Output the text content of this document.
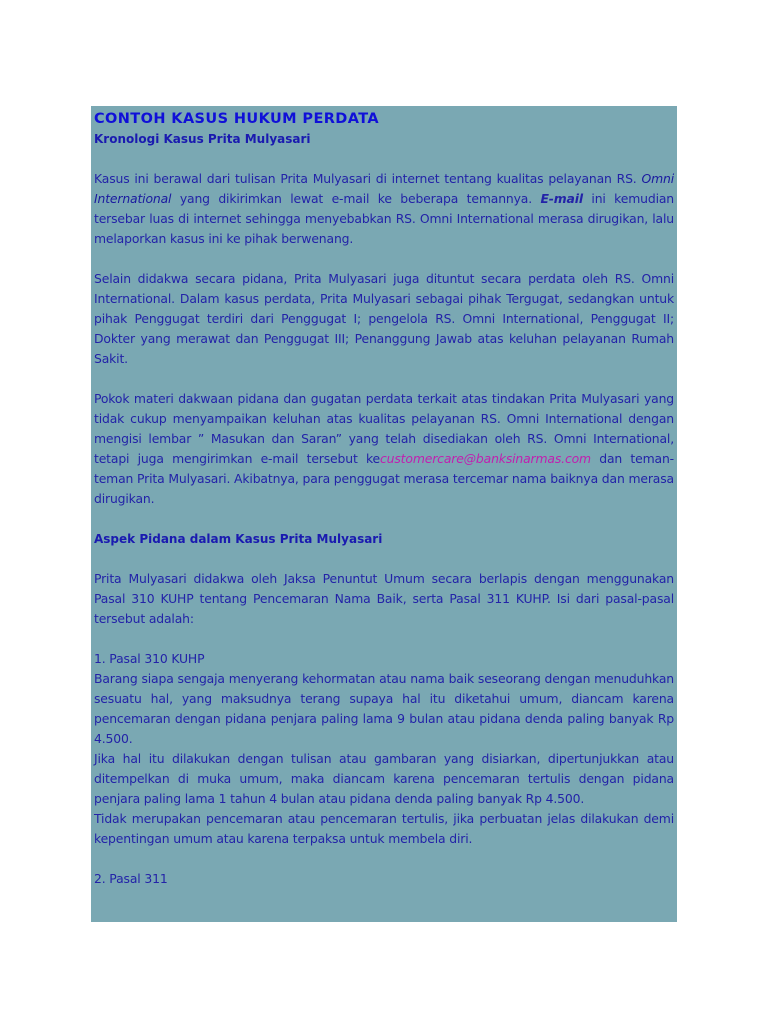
CONTOH KASUS HUKUM PERDATA

Kronologi Kasus Prita Mulyasari

Kasus ini berawal dari tulisan Prita Mulyasari di internet tentang kualitas pelayanan RS. Omni International yang dikirimkan lewat e-mail ke beberapa temannya. E-mail ini kemudian tersebar luas di internet sehingga menyebabkan RS. Omni International merasa dirugikan, lalu melaporkan kasus ini ke pihak berwenang.

Selain didakwa secara pidana, Prita Mulyasari juga dituntut secara perdata oleh RS. Omni International. Dalam kasus perdata, Prita Mulyasari sebagai pihak Tergugat, sedangkan untuk pihak Penggugat terdiri dari Penggugat I; pengelola RS. Omni International, Penggugat II; Dokter yang merawat dan Penggugat III; Penanggung Jawab atas keluhan pelayanan Rumah Sakit.

Pokok materi dakwaan pidana dan gugatan perdata terkait atas tindakan Prita Mulyasari yang tidak cukup menyampaikan keluhan atas kualitas pelayanan RS. Omni International dengan mengisi lembar ” Masukan dan Saran” yang telah disediakan oleh RS. Omni International, tetapi juga mengirimkan e-mail tersebut kecustomercare@banksinarmas.com dan teman-teman Prita Mulyasari. Akibatnya, para penggugat merasa tercemar nama baiknya dan merasa dirugikan.

Aspek Pidana dalam Kasus Prita Mulyasari

Prita Mulyasari didakwa oleh Jaksa Penuntut Umum secara berlapis dengan menggunakan Pasal 310 KUHP tentang Pencemaran Nama Baik, serta Pasal 311 KUHP. Isi dari pasal-pasal tersebut adalah:

1. Pasal 310 KUHP

Barang siapa sengaja menyerang kehormatan atau nama baik seseorang dengan menuduhkan sesuatu hal, yang maksudnya terang supaya hal itu diketahui umum, diancam karena pencemaran dengan pidana penjara paling lama 9 bulan atau pidana denda paling banyak Rp 4.500.

Jika hal itu dilakukan dengan tulisan atau gambaran yang disiarkan, dipertunjukkan atau ditempelkan di muka umum, maka diancam karena pencemaran tertulis dengan pidana penjara paling lama 1 tahun 4 bulan atau pidana denda paling banyak Rp 4.500.

Tidak merupakan pencemaran atau pencemaran tertulis, jika perbuatan jelas dilakukan demi kepentingan umum atau karena terpaksa untuk membela diri.

2. Pasal 311
